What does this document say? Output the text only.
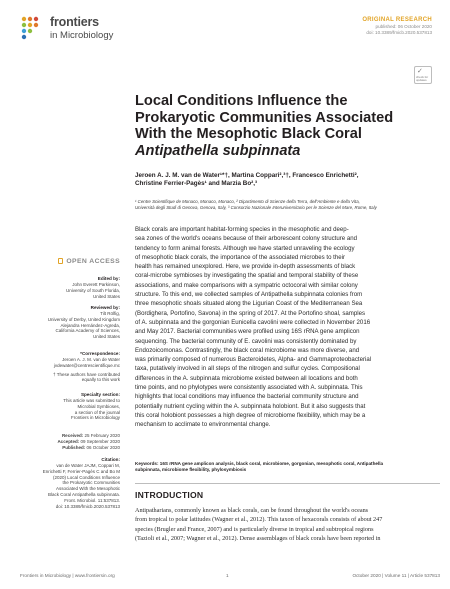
frontiers
in Microbiology
ORIGINAL RESEARCH
published: 06 October 2020
doi: 10.3389/fmicb.2020.537813
✓
check for updates
Local Conditions Influence the
Prokaryotic Communities Associated
With the Mesophotic Black Coral
Antipathella subpinnata
Jeroen A. J. M. van de Water¹*†, Martina Coppari²,³†, Francesco Enrichetti²,
Christine Ferrier-Pagès¹ and Marzia Bo²,³
¹ Centre Scientifique de Monaco, Monaco, Monaco, ² Dipartimento di Scienze della Terra, dell'Ambiente e della Vita,
Università degli Studi di Genova, Genova, Italy, ³ Consorzio Nazionale Interuniversitario per le Scienze del Mare, Rome, Italy
Black corals are important habitat-forming species in the mesophotic and deep-
sea zones of the world's oceans because of their arborescent colony structure and
tendency to form animal forests. Although we have started unraveling the ecology
of mesophotic black corals, the importance of the associated microbes to their
health has remained unexplored. Here, we provide in-depth assessments of black
coral-microbe symbioses by investigating the spatial and temporal stability of these
associations, and make comparisons with a sympatric octocoral with similar colony
structure. To this end, we collected samples of Antipathella subpinnata colonies from
three mesophotic shoals situated along the Ligurian Coast of the Mediterranean Sea
(Bordighera, Portofino, Savona) in the spring of 2017. At the Portofino shoal, samples
of A. subpinnata and the gorgonian Eunicella cavolini were collected in November 2016
and May 2017. Bacterial communities were profiled using 16S rRNA gene amplicon
sequencing. The bacterial community of E. cavolini was consistently dominated by
Endozoicomonas. Contrastingly, the black coral microbiome was more diverse, and
was primarily composed of numerous Bacteroidetes, Alpha- and Gammaproteobacterial
taxa, putatively involved in all steps of the nitrogen and sulfur cycles. Compositional
differences in the A. subpinnata microbiome existed between all locations and both
time points, and no phylotypes were consistently associated with A. subpinnata. This
highlights that local conditions may influence the bacterial community structure and
potentially nutrient cycling within the A. subpinnata holobiont. But it also suggests that
this coral holobiont possesses a high degree of microbiome flexibility, which may be a
mechanism to acclimate to environmental change.
Keywords: 16S rRNA gene amplicon analysis, black coral, microbiome, gorgonian, mesophotic coral, Antipathella
subpinnata, microbiome flexibility, phylosymbiosis
INTRODUCTION
Antipatharians, commonly known as black corals, can be found throughout the world's oceans
from tropical to polar latitudes (Wagner et al., 2012). This taxon of hexacorals consists of about 247
species (Brugler and France, 2007) and is particularly diverse in tropical and subtropical regions
(Tazioli et al., 2007; Wagner et al., 2012). Dense assemblages of black corals have been reported in
OPEN ACCESS
Edited by:
John Everett Parkinson,
University of South Florida,
United States
Reviewed by:
Tilt Rölfig,
University of Derby, United Kingdom
Alejandra Hernández-Agreda,
California Academy of Sciences,
United States
*Correspondence:
Jeroen A. J. M. van de Water
jvdewater@centrescientifique.mc
† These authors have contributed
equally to this work
Specialty section:
This article was submitted to
Microbial Symbioses,
a section of the journal
Frontiers in Microbiology
Received: 25 February 2020
Accepted: 09 September 2020
Published: 06 October 2020
Citation:
van de Water JAJM, Coppari M,
Enrichetti F, Ferrier-Pagès C and Bo M
(2020) Local Conditions Influence
the Prokaryotic Communities
Associated With the Mesophotic
Black Coral Antipathella subpinnata.
Front. Microbiol. 11:537813.
doi: 10.3389/fmicb.2020.537813
Frontiers in Microbiology | www.frontiersin.org	1	October 2020 | Volume 11 | Article 537813
